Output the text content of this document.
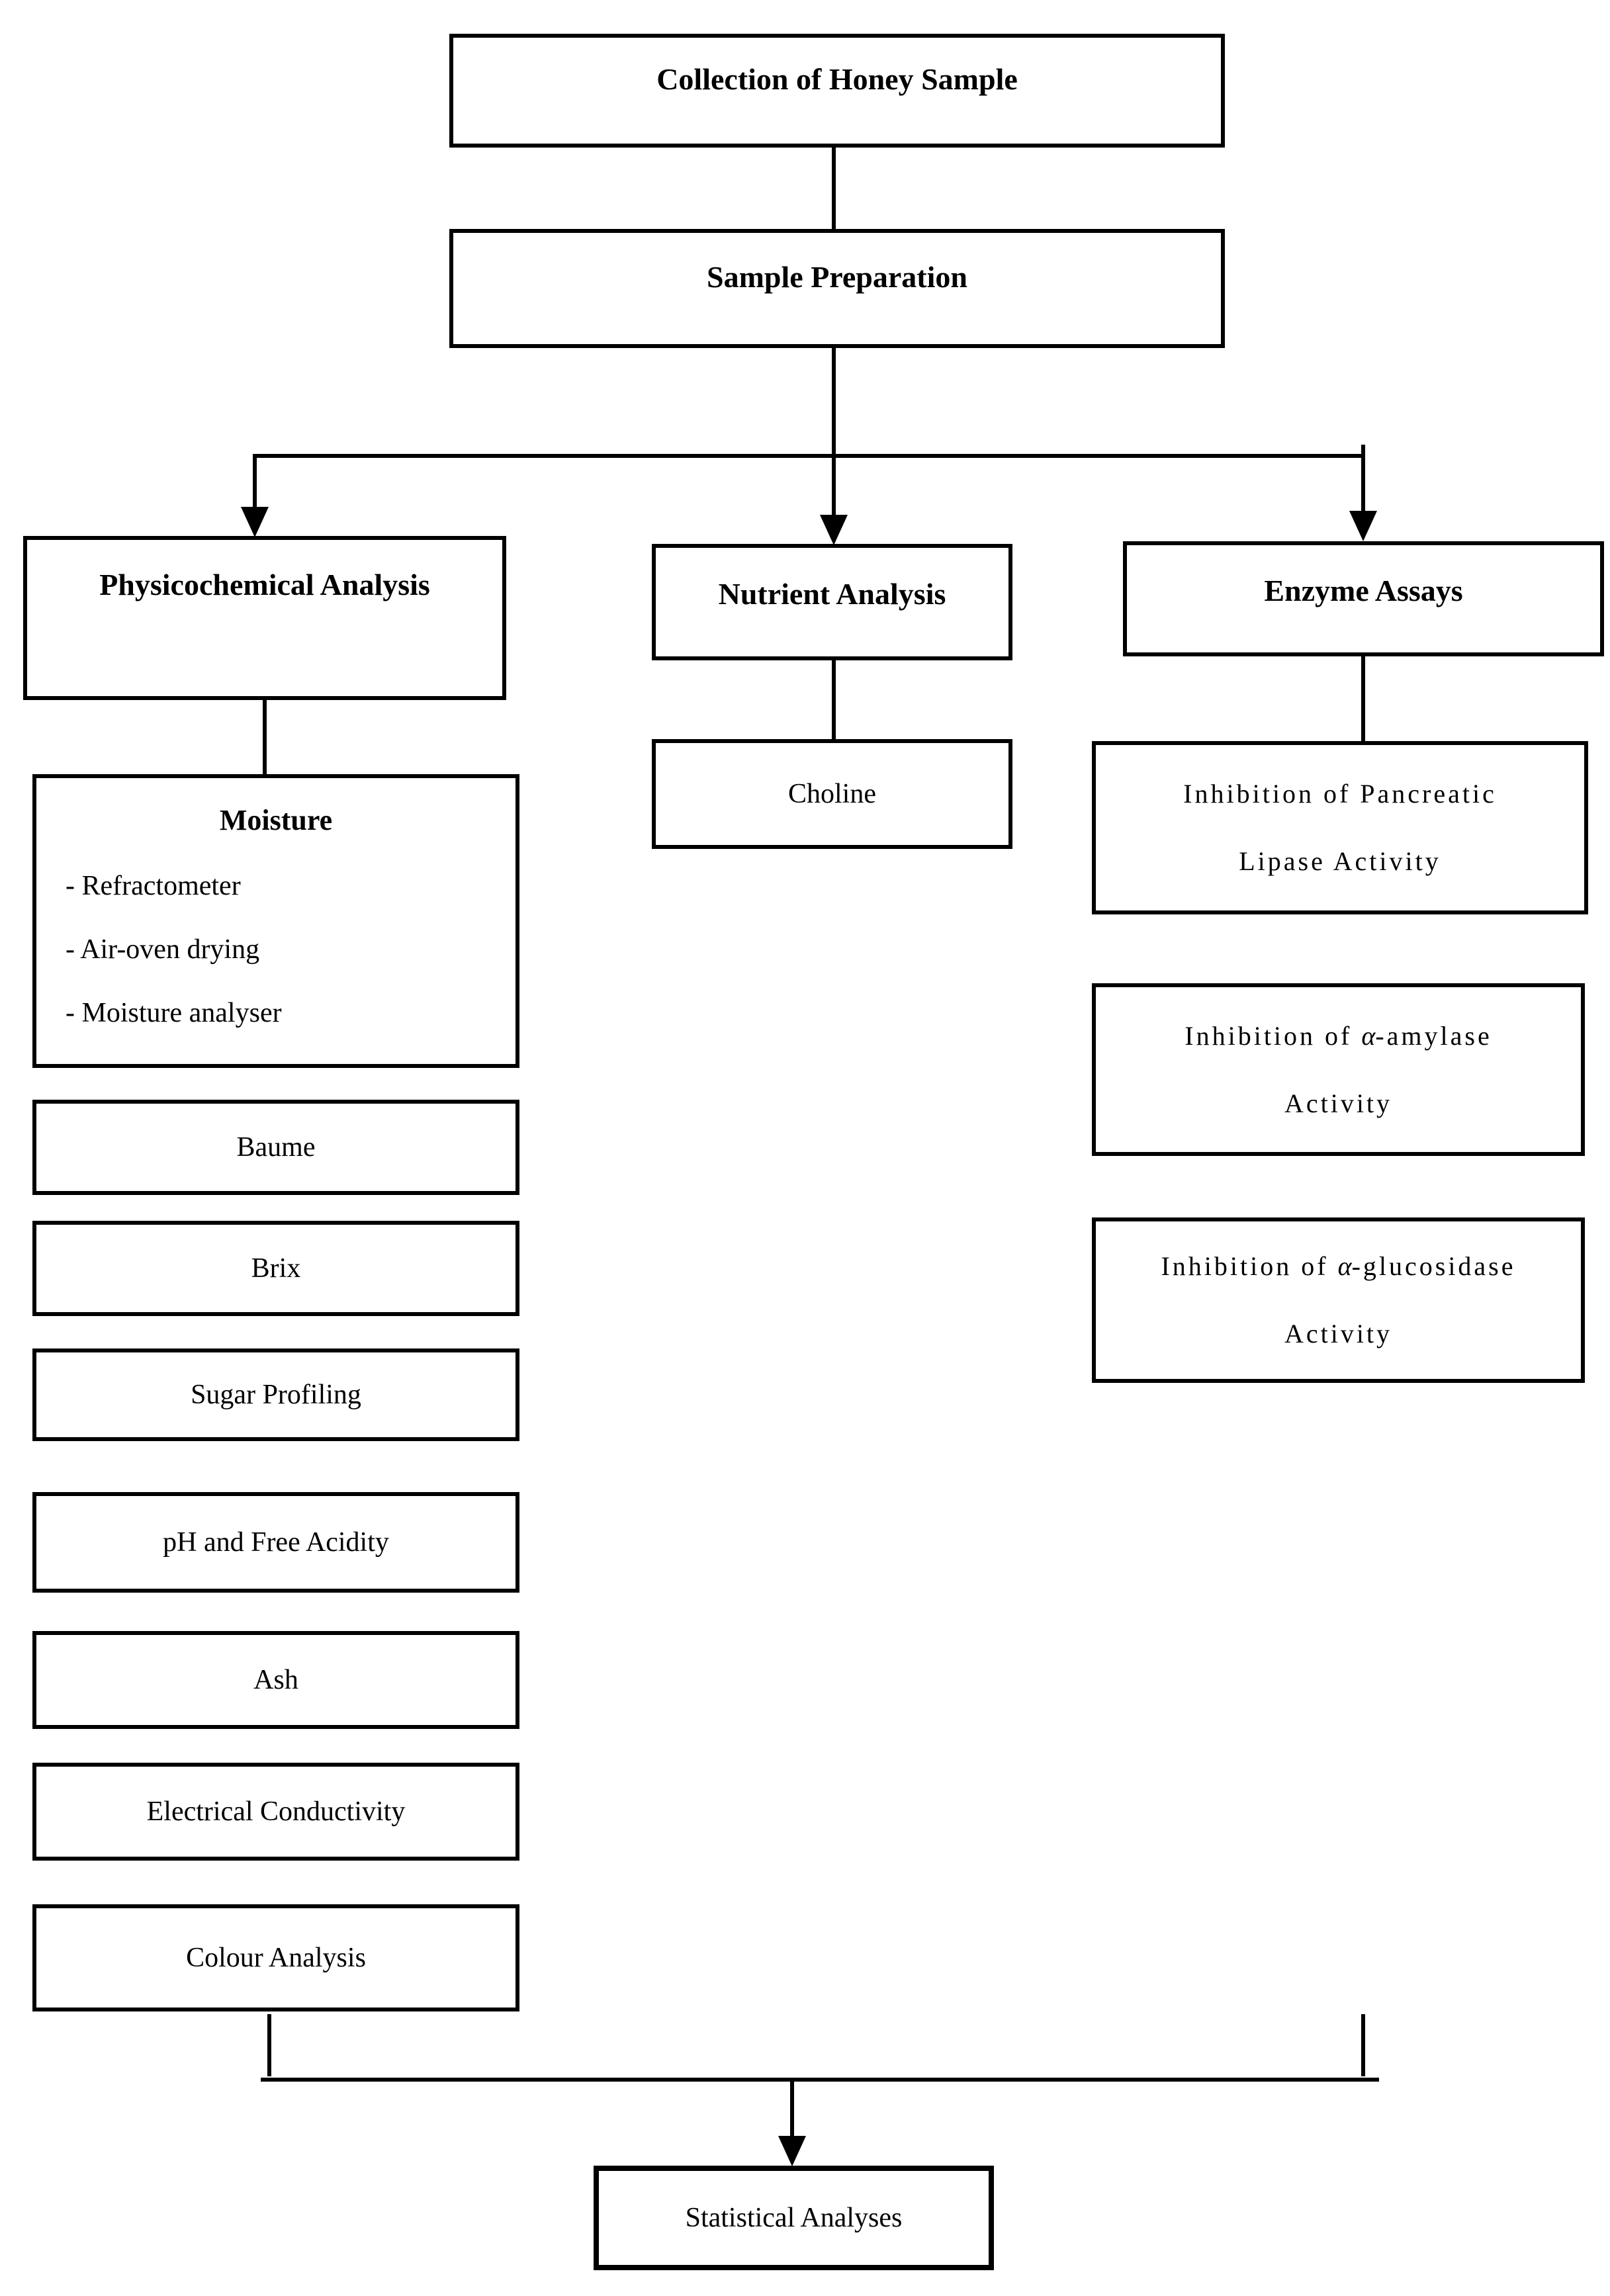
Collection of Honey Sample
Sample Preparation
Physicochemical Analysis	Nutrient Analysis	Enzyme Assays
Moisture
- Refractometer
- Air-oven drying
- Moisture analyser
Baume
Brix
Sugar Profiling
pH and Free Acidity
Ash
Electrical Conductivity
Colour Analysis
Choline	Inhibition of Pancreatic
Lipase Activity
Inhibition of α-amylase
Activity
Inhibition of α-glucosidase
Activity
Statistical Analyses
